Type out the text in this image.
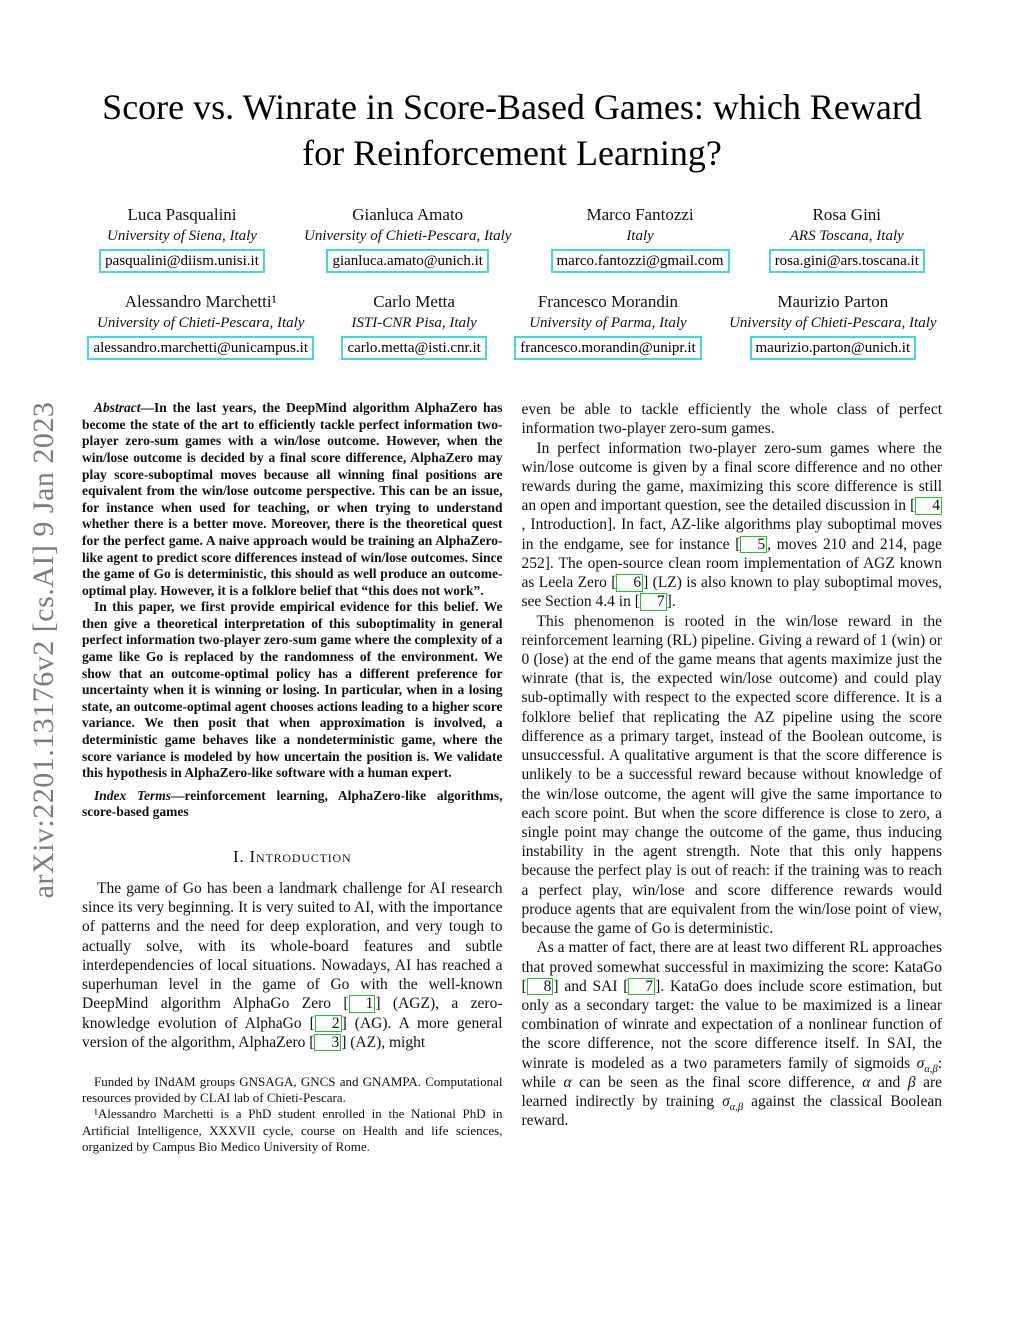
arXiv:2201.13176v2 [cs.AI] 9 Jan 2023
Score vs. Winrate in Score-Based Games: which Reward for Reinforcement Learning?
Luca Pasqualini
University of Siena, Italy
pasqualini@diism.unisi.it
Gianluca Amato
University of Chieti-Pescara, Italy
gianluca.amato@unich.it
Marco Fantozzi
Italy
marco.fantozzi@gmail.com
Rosa Gini
ARS Toscana, Italy
rosa.gini@ars.toscana.it
Alessandro Marchetti¹
University of Chieti-Pescara, Italy
alessandro.marchetti@unicampus.it
Carlo Metta
ISTI-CNR Pisa, Italy
carlo.metta@isti.cnr.it
Francesco Morandin
University of Parma, Italy
francesco.morandin@unipr.it
Maurizio Parton
University of Chieti-Pescara, Italy
maurizio.parton@unich.it

Abstract—In the last years, the DeepMind algorithm AlphaZero has become the state of the art to efficiently tackle perfect information two-player zero-sum games with a win/lose outcome. However, when the win/lose outcome is decided by a final score difference, AlphaZero may play score-suboptimal moves because all winning final positions are equivalent from the win/lose outcome perspective. This can be an issue, for instance when used for teaching, or when trying to understand whether there is a better move. Moreover, there is the theoretical quest for the perfect game. A naive approach would be training an AlphaZero-like agent to predict score differences instead of win/lose outcomes. Since the game of Go is deterministic, this should as well produce an outcome-optimal play. However, it is a folklore belief that “this does not work”.

In this paper, we first provide empirical evidence for this belief. We then give a theoretical interpretation of this suboptimality in general perfect information two-player zero-sum game where the complexity of a game like Go is replaced by the randomness of the environment. We show that an outcome-optimal policy has a different preference for uncertainty when it is winning or losing. In particular, when in a losing state, an outcome-optimal agent chooses actions leading to a higher score variance. We then posit that when approximation is involved, a deterministic game behaves like a nondeterministic game, where the score variance is modeled by how uncertain the position is. We validate this hypothesis in AlphaZero-like software with a human expert.

Index Terms—reinforcement learning, AlphaZero-like algorithms, score-based games

I. Introduction

The game of Go has been a landmark challenge for AI research since its very beginning. It is very suited to AI, with the importance of patterns and the need for deep exploration, and very tough to actually solve, with its whole-board features and subtle interdependencies of local situations. Nowadays, AI has reached a superhuman level in the game of Go with the well-known DeepMind algorithm AlphaGo Zero [ 1 ] (AGZ), a zero-knowledge evolution of AlphaGo [ 2 ] (AG). A more general version of the algorithm, AlphaZero [ 3 ] (AZ), might

Funded by INdAM groups GNSAGA, GNCS and GNAMPA. Computational resources provided by CLAI lab of Chieti-Pescara.

¹Alessandro Marchetti is a PhD student enrolled in the National PhD in Artificial Intelligence, XXXVII cycle, course on Health and life sciences, organized by Campus Bio Medico University of Rome.

even be able to tackle efficiently the whole class of perfect information two-player zero-sum games.

In perfect information two-player zero-sum games where the win/lose outcome is given by a final score difference and no other rewards during the game, maximizing this score difference is still an open and important question, see the detailed discussion in [ 4, Introduction]. In fact, AZ-like algorithms play suboptimal moves in the endgame, see for instance [ 5 , moves 210 and 214, page 252]. The open-source clean room implementation of AGZ known as Leela Zero [ 6 ] (LZ) is also known to play suboptimal moves, see Section 4.4 in [ 7 ].

This phenomenon is rooted in the win/lose reward in the reinforcement learning (RL) pipeline. Giving a reward of 1 (win) or 0 (lose) at the end of the game means that agents maximize just the winrate (that is, the expected win/lose outcome) and could play sub-optimally with respect to the expected score difference. It is a folklore belief that replicating the AZ pipeline using the score difference as a primary target, instead of the Boolean outcome, is unsuccessful. A qualitative argument is that the score difference is unlikely to be a successful reward because without knowledge of the win/lose outcome, the agent will give the same importance to each score point. But when the score difference is close to zero, a single point may change the outcome of the game, thus inducing instability in the agent strength. Note that this only happens because the perfect play is out of reach: if the training was to reach a perfect play, win/lose and score difference rewards would produce agents that are equivalent from the win/lose point of view, because the game of Go is deterministic.

As a matter of fact, there are at least two different RL approaches that proved somewhat successful in maximizing the score: KataGo [ 8 ] and SAI [ 7 ]. KataGo does include score estimation, but only as a secondary target: the value to be maximized is a linear combination of winrate and expectation of a nonlinear function of the score difference, not the score difference itself. In SAI, the winrate is modeled as a two parameters family of sigmoids $\sigma_{\alpha,\beta}$: while α can be seen as the final score difference, α and β are learned indirectly by training $\sigma_{\alpha,\beta}$ against the classical Boolean reward.
